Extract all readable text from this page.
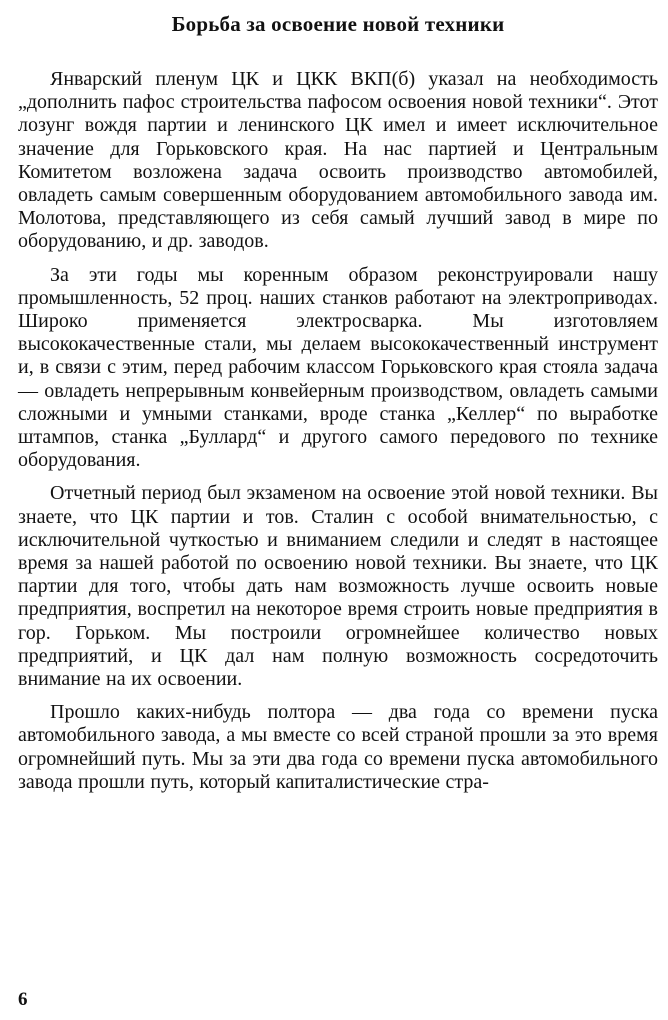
Борьба за освоение новой техники

Январский пленум ЦК и ЦКК ВКП(б) указал на необходимость „дополнить пафос строительства пафосом освоения новой техники“. Этот лозунг вождя партии и ленинского ЦК имел и имеет исключительное значение для Горьковского края. На нас партией и Центральным Комитетом возложена задача освоить производство автомобилей, овладеть самым совершенным оборудованием автомобильного завода им. Молотова, представляющего из себя самый лучший завод в мире по оборудованию, и др. заводов.

За эти годы мы коренным образом реконструировали нашу промышленность, 52 проц. наших станков работают на электроприводах. Широко применяется электросварка. Мы изготовляем высококачественные стали, мы делаем высококачественный инструмент и, в связи с этим, перед рабочим классом Горьковского края стояла задача — овладеть непрерывным конвейерным производством, овладеть самыми сложными и умными станками, вроде станка „Келлер“ по выработке штампов, станка „Буллард“ и другого самого передового по технике оборудования.

Отчетный период был экзаменом на освоение этой новой техники. Вы знаете, что ЦК партии и тов. Сталин с особой внимательностью, с исключительной чуткостью и вниманием следили и следят в настоящее время за нашей работой по освоению новой техники. Вы знаете, что ЦК партии для того, чтобы дать нам возможность лучше освоить новые предприятия, воспретил на некоторое время строить новые предприятия в гор. Горьком. Мы построили огромнейшее количество новых предприятий, и ЦК дал нам полную возможность сосредоточить внимание на их освоении.

Прошло каких-нибудь полтора — два года со времени пуска автомобильного завода, а мы вместе со всей страной прошли за это время огромнейший путь. Мы за эти два года со времени пуска автомобильного завода прошли путь, который капиталистические стра-

6
